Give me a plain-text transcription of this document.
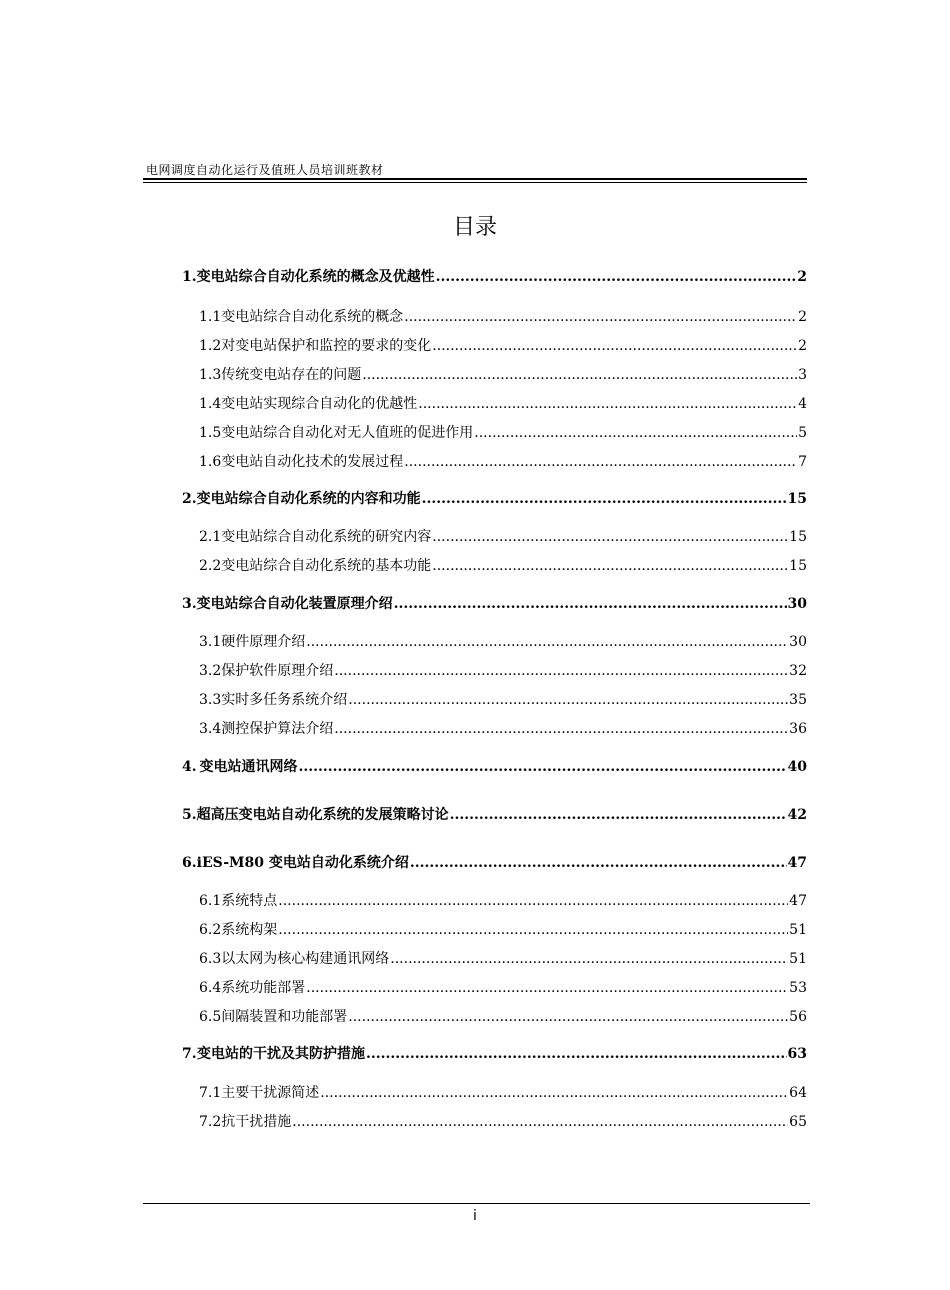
电网调度自动化运行及值班人员培训班教材
目录
1. 变电站综合自动化系统的概念及优越性 .....	2
1.1 变电站综合自动化系统的概念 .....	2
1.2 对变电站保护和监控的要求的变化 .....	2
1.3 传统变电站存在的问题 .....	3
1.4 变电站实现综合自动化的优越性 .....	4
1.5 变电站综合自动化对无人值班的促进作用 .....	5
1.6 变电站自动化技术的发展过程 .....	7
2. 变电站综合自动化系统的内容和功能 .....	15
2.1 变电站综合自动化系统的研究内容 .....	15
2.2 变电站综合自动化系统的基本功能 .....	15
3. 变电站综合自动化装置原理介绍 .....	30
3.1 硬件原理介绍 .....	30
3.2 保护软件原理介绍 .....	32
3.3 实时多任务系统介绍 .....	35
3.4 测控保护算法介绍 .....	36
4. 变电站通讯网络 .....	40
5. 超高压变电站自动化系统的发展策略讨论 .....	42
6. iES-M80 变电站自动化系统介绍 .....	47
6.1 系统特点 .....	47
6.2 系统构架 .....	51
6.3 以太网为核心构建通讯网络 .....	51
6.4 系统功能部署 .....	53
6.5 间隔装置和功能部署 .....	56
7. 变电站的干扰及其防护措施 .....	63
7.1 主要干扰源简述 .....	64
7.2 抗干扰措施 .....	65
i
